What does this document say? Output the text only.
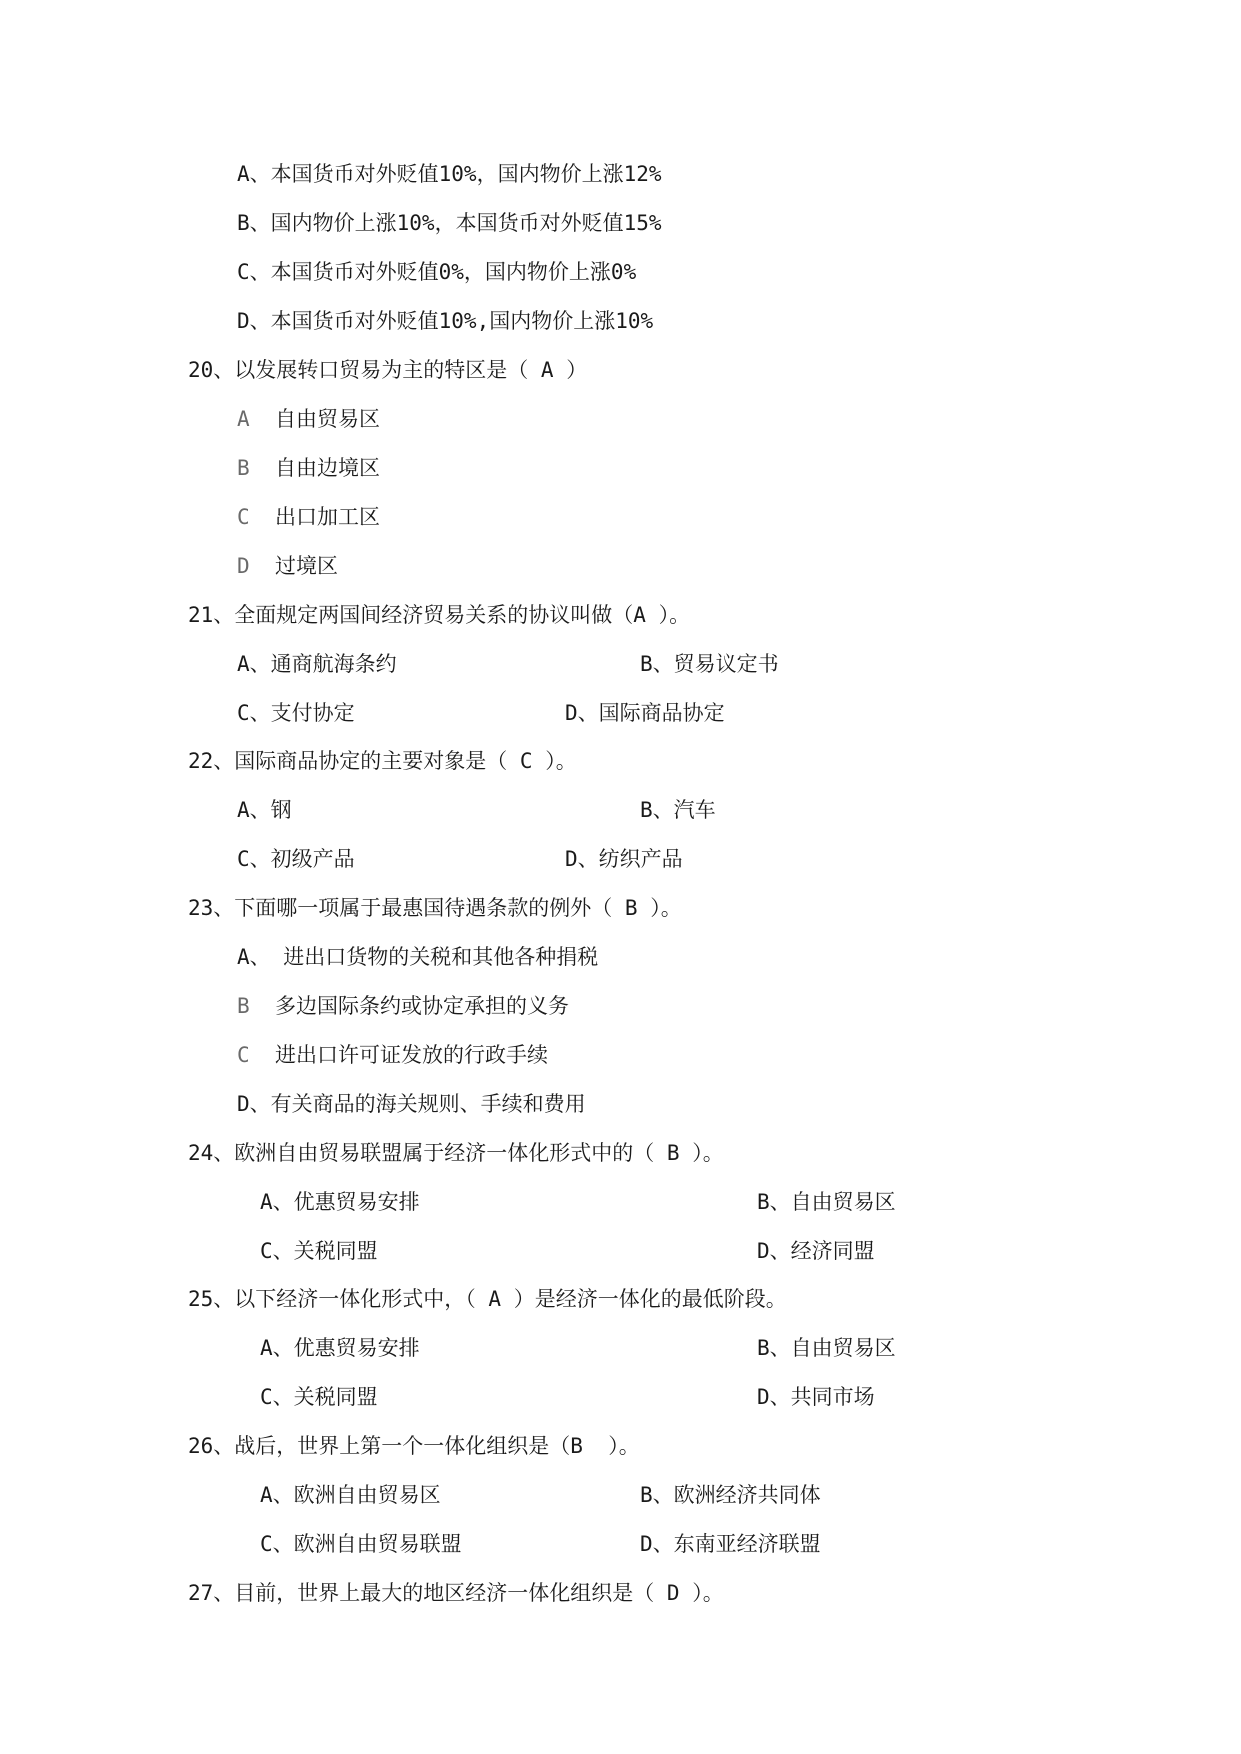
A、本国货币对外贬值10%，国内物价上涨12%
B、国内物价上涨10%，本国货币对外贬值15%
C、本国货币对外贬值0%，国内物价上涨0%
D、本国货币对外贬值10%,国内物价上涨10%
20、以发展转口贸易为主的特区是（ A ）
A 自由贸易区
B 自由边境区
C 出口加工区
D 过境区
21、全面规定两国间经济贸易关系的协议叫做（A ）。
A、通商航海条约	B、贸易议定书
C、支付协定	D、国际商品协定
22、国际商品协定的主要对象是（ C ）。
A、钢	B、汽车
C、初级产品	D、纺织产品
23、下面哪一项属于最惠国待遇条款的例外（ B ）。
A、 进出口货物的关税和其他各种捐税
B 多边国际条约或协定承担的义务
C 进出口许可证发放的行政手续
D、有关商品的海关规则、手续和费用
24、欧洲自由贸易联盟属于经济一体化形式中的（ B ）。
A、优惠贸易安排	B、自由贸易区
C、关税同盟	D、经济同盟
25、以下经济一体化形式中，（ A ）是经济一体化的最低阶段。
A、优惠贸易安排	B、自由贸易区
C、关税同盟	D、共同市场
26、战后，世界上第一个一体化组织是（B  ）。
A、欧洲自由贸易区	B、欧洲经济共同体
C、欧洲自由贸易联盟	D、东南亚经济联盟
27、目前，世界上最大的地区经济一体化组织是（ D ）。
